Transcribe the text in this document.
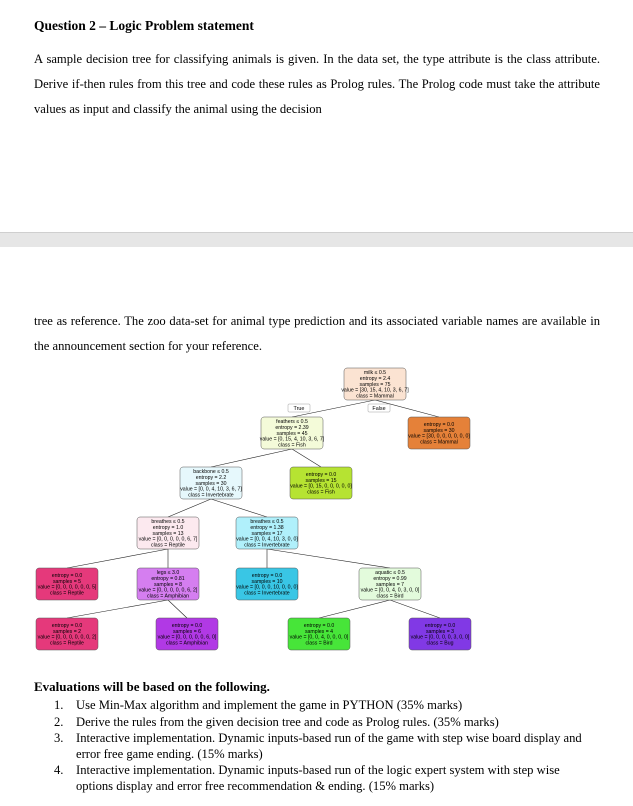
Question 2 – Logic Problem statement

A sample decision tree for classifying animals is given. In the data set, the type attribute is the class attribute. Derive if-then rules from this tree and code these rules as Prolog rules. The Prolog code must take the attribute values as input and classify the animal using the decision

tree as reference. The zoo data-set for animal type prediction and its associated variable names are available in the announcement section for your reference.

milk ≤ 0.5
entropy = 2.4
samples = 75
value = [30, 15, 4, 10, 3, 6, 7]
class = Mammal
feathers ≤ 0.5
entropy = 2.39
samples = 45
value = [0, 15, 4, 10, 3, 6, 7]
class = Fish
entropy = 0.0
samples = 30
value = [30, 0, 0, 0, 0, 0, 0]
class = Mammal
backbone ≤ 0.5
entropy = 2.2
samples = 30
value = [0, 0, 4, 10, 3, 6, 7]
class = Invertebrate
entropy = 0.0
samples = 15
value = [0, 15, 0, 0, 0, 0, 0]
class = Fish
breathes ≤ 0.5
entropy = 1.0
samples = 13
value = [0, 0, 0, 0, 0, 6, 7]
class = Reptile
breathes ≤ 0.5
entropy = 1.38
samples = 17
value = [0, 0, 4, 10, 3, 0, 0]
class = Invertebrate
entropy = 0.0
samples = 5
value = [0, 0, 0, 0, 0, 0, 5]
class = Reptile
legs ≤ 3.0
entropy = 0.81
samples = 8
value = [0, 0, 0, 0, 0, 6, 2]
class = Amphibian
entropy = 0.0
samples = 10
value = [0, 0, 0, 10, 0, 0, 0]
class = Invertebrate
aquatic ≤ 0.5
entropy = 0.99
samples = 7
value = [0, 0, 4, 0, 3, 0, 0]
class = Bird
entropy = 0.0
samples = 2
value = [0, 0, 0, 0, 0, 0, 2]
class = Reptile
entropy = 0.0
samples = 6
value = [0, 0, 0, 0, 0, 6, 0]
class = Amphibian
entropy = 0.0
samples = 4
value = [0, 0, 4, 0, 0, 0, 0]
class = Bird
entropy = 0.0
samples = 3
value = [0, 0, 0, 0, 3, 0, 0]
class = Bug
True	False

Evaluations will be based on the following.

1. Use Min-Max algorithm and implement the game in PYTHON (35% marks)
2. Derive the rules from the given decision tree and code as Prolog rules. (35% marks)
3. Interactive implementation. Dynamic inputs-based run of the game with step wise board display and error free game ending. (15% marks)
4. Interactive implementation. Dynamic inputs-based run of the logic expert system with step wise options display and error free recommendation & ending. (15% marks)
